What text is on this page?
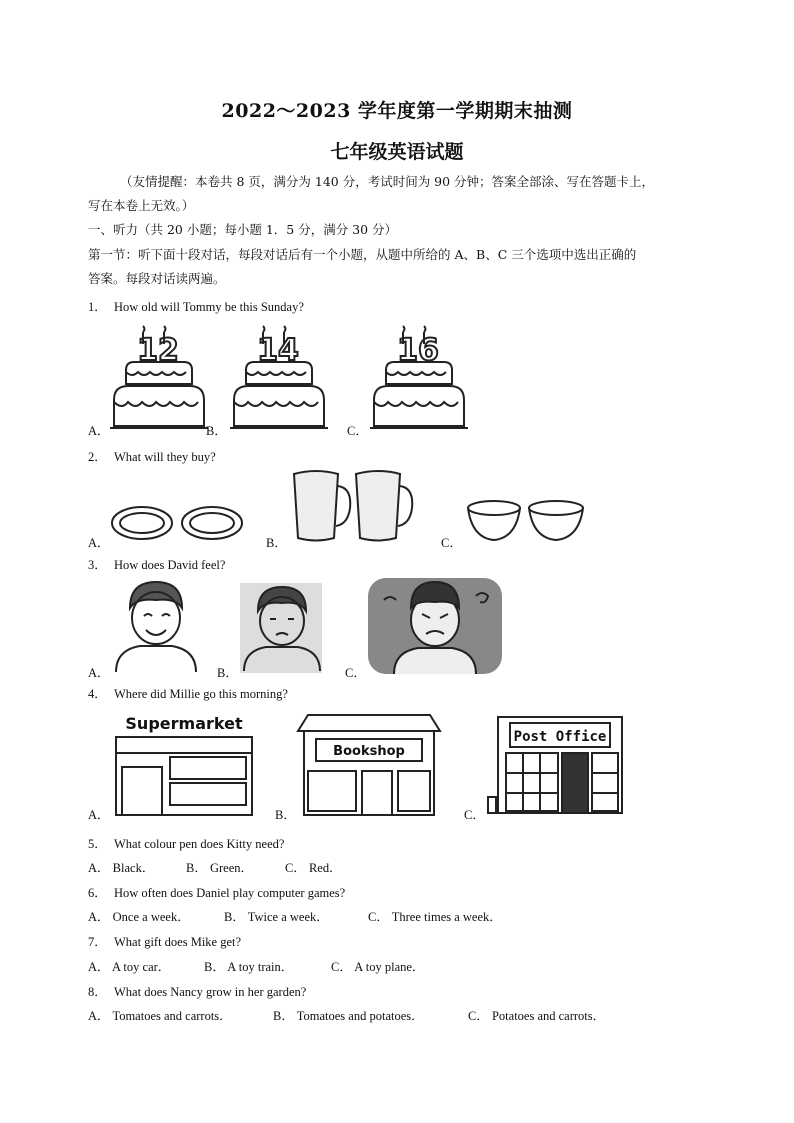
2022～2023 学年度第一学期期末抽测
七年级英语试题
（友情提醒：本卷共 8 页，满分为 140 分，考试时间为 90 分钟；答案全部涂、写在答题卡上，
写在本卷上无效。）
一、听力（共 20 小题；每小题 1．5 分，满分 30 分）
第一节：听下面十段对话，每段对话后有一个小题，从题中所给的 A、B、C 三个选项中选出正确的
答案。每段对话读两遍。
1． How old will Tommy be this Sunday?
A．	B．	C．
12	14	16
2． What will they buy?
A．	B．	C．
3． How does David feel?
A．	B．	C．
4． Where did Millie go this morning?
A．	B．	C．
Supermarket
Bookshop
Post Office
5． What colour pen does Kitty need?
A． Black．	B． Green．	C． Red．
6． How often does Daniel play computer games?
A． Once a week．	B． Twice a week．	C． Three times a week．
7． What gift does Mike get?
A． A toy car．	B． A toy train．	C． A toy plane．
8． What does Nancy grow in her garden?
A． Tomatoes and carrots．	B． Tomatoes and potatoes．	C． Potatoes and carrots．
